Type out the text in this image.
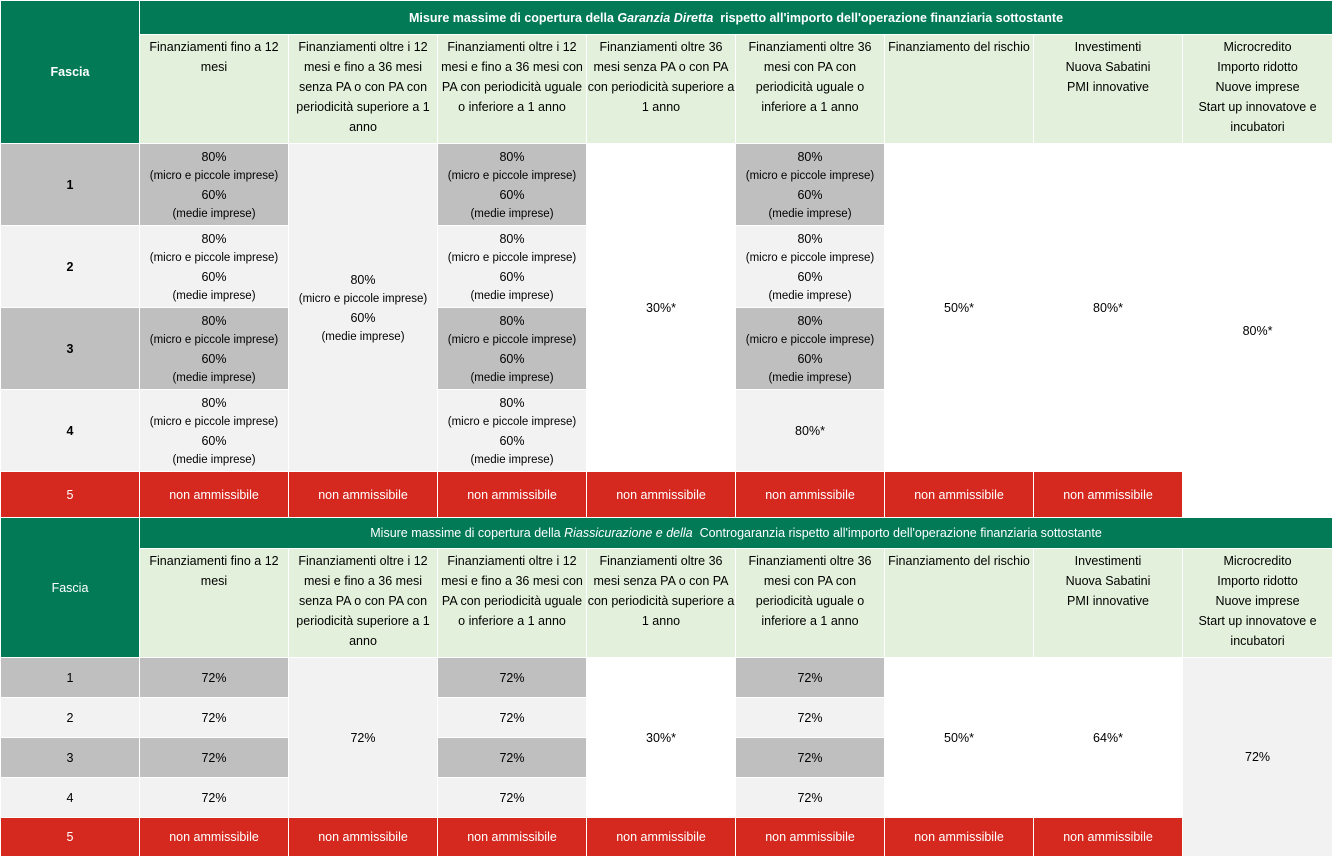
Fascia	Misure massime di copertura della Garanzia Diretta  rispetto all'importo dell'operazione finanziaria sottostante							
	Finanziamenti fino a 12 mesi	Finanziamenti oltre i 12 mesi e fino a 36 mesi senza PA o con PA con periodicità superiore a 1 anno	Finanziamenti oltre i 12 mesi e fino a 36 mesi con PA con periodicità uguale o inferiore a 1 anno	Finanziamenti oltre 36 mesi senza PA o con PA con periodicità superiore a 1 anno	Finanziamenti oltre 36 mesi con PA con periodicità uguale o inferiore a 1 anno	Finanziamento del rischio	Investimenti
Nuova Sabatini
PMI innovative	Microcredito
Importo ridotto
Nuove imprese
Start up innovatove e incubatori
1	80%
(micro e piccole imprese)
60%
(medie imprese)	80%
(micro e piccole imprese)
60%
(medie imprese)	80%
(micro e piccole imprese)
60%
(medie imprese)	30%*	80%
(micro e piccole imprese)
60%
(medie imprese)	50%*	80%*	80%*
2	80%
(micro e piccole imprese)
60%
(medie imprese)		80%
(micro e piccole imprese)
60%
(medie imprese)		80%
(micro e piccole imprese)
60%
(medie imprese)			

3	80%
(micro e piccole imprese)
60%
(medie imprese)		80%
(micro e piccole imprese)
60%
(medie imprese)		80%
(micro e piccole imprese)
60%
(medie imprese)			

4	80%
(micro e piccole imprese)
60%
(medie imprese)		80%
(micro e piccole imprese)
60%
(medie imprese)		80%*			
5	non ammissibile	non ammissibile	non ammissibile	non ammissibile	non ammissibile	non ammissibile	non ammissibile	
Fascia	Misure massime di copertura della Riassicurazione e della  Controgaranzia rispetto all'importo dell'operazione finanziaria sottostante							
	Finanziamenti fino a 12 mesi	Finanziamenti oltre i 12 mesi e fino a 36 mesi senza PA o con PA con periodicità superiore a 1 anno	Finanziamenti oltre i 12 mesi e fino a 36 mesi con PA con periodicità uguale o inferiore a 1 anno	Finanziamenti oltre 36 mesi senza PA o con PA con periodicità superiore a 1 anno	Finanziamenti oltre 36 mesi con PA con periodicità uguale o inferiore a 1 anno	Finanziamento del rischio	Investimenti
Nuova Sabatini
PMI innovative	Microcredito
Importo ridotto
Nuove imprese
Start up innovatove e incubatori
1	72%	72%	72%	30%*	72%	50%*	64%*	72%
2	72%		72%		72%			
3	72%		72%		72%			
4	72%		72%		72%			
5	non ammissibile	non ammissibile	non ammissibile	non ammissibile	non ammissibile	non ammissibile	non ammissibile	
